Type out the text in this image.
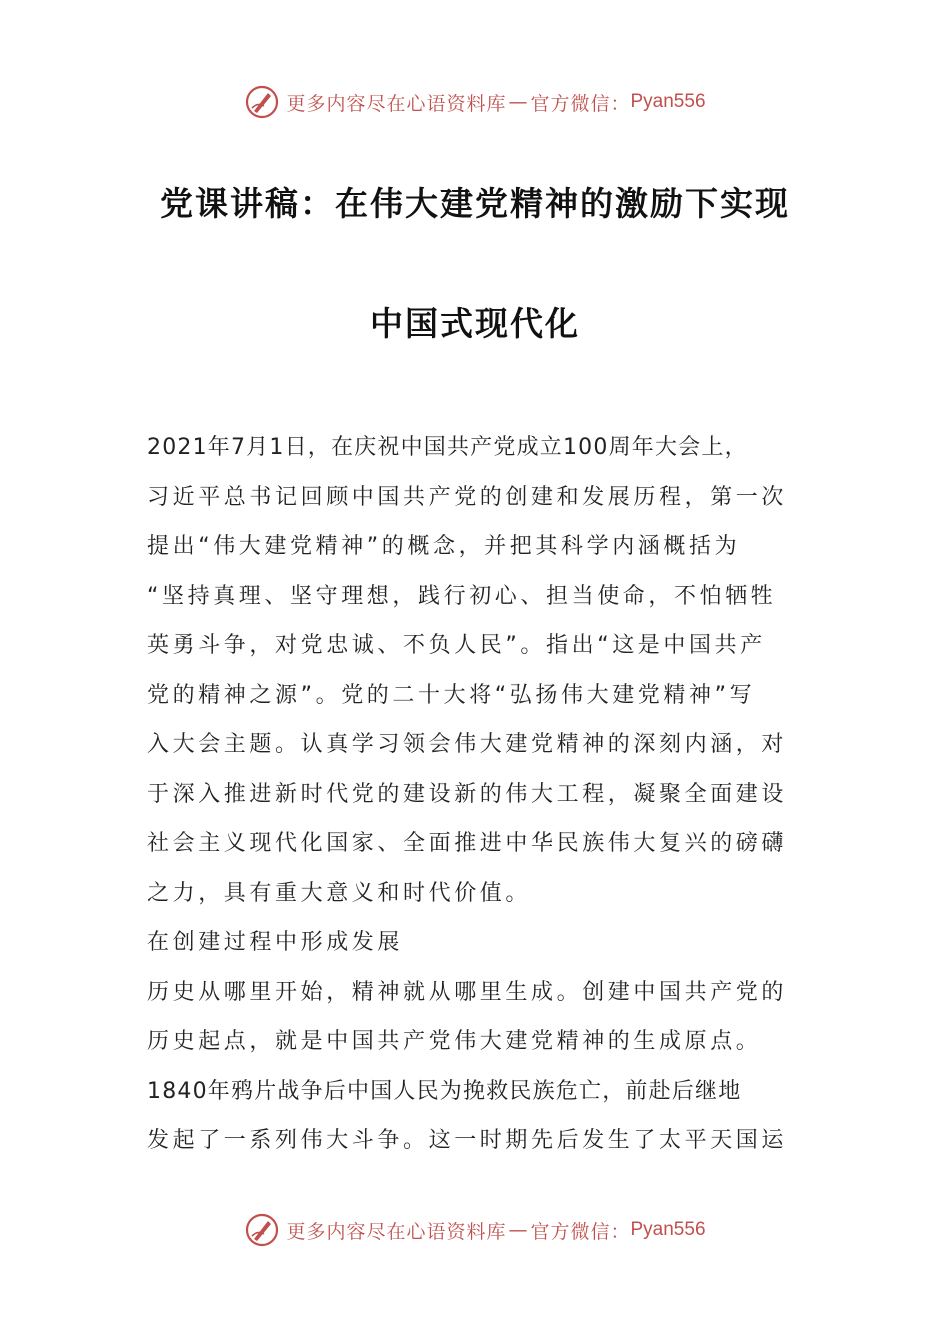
更多内容尽在心语资料库 — 官方微信： Pyan556
党课讲稿：在伟大建党精神的激励下实现
中国式现代化
2021年7月1日，在庆祝中国共产党成立100周年大会上，
习近平总书记回顾中国共产党的创建和发展历程，第一次
提出“伟大建党精神”的概念，并把其科学内涵概括为
“坚持真理、坚守理想，践行初心、担当使命，不怕牺牲
英勇斗争，对党忠诚、不负人民”。指出“这是中国共产
党的精神之源”。党的二十大将“弘扬伟大建党精神”写
入大会主题。认真学习领会伟大建党精神的深刻内涵，对
于深入推进新时代党的建设新的伟大工程，凝聚全面建设
社会主义现代化国家、全面推进中华民族伟大复兴的磅礴
之力，具有重大意义和时代价值。
在创建过程中形成发展
历史从哪里开始，精神就从哪里生成。创建中国共产党的
历史起点，就是中国共产党伟大建党精神的生成原点。
1840年鸦片战争后中国人民为挽救民族危亡，前赴后继地
发起了一系列伟大斗争。这一时期先后发生了太平天国运
更多内容尽在心语资料库 — 官方微信： Pyan556
